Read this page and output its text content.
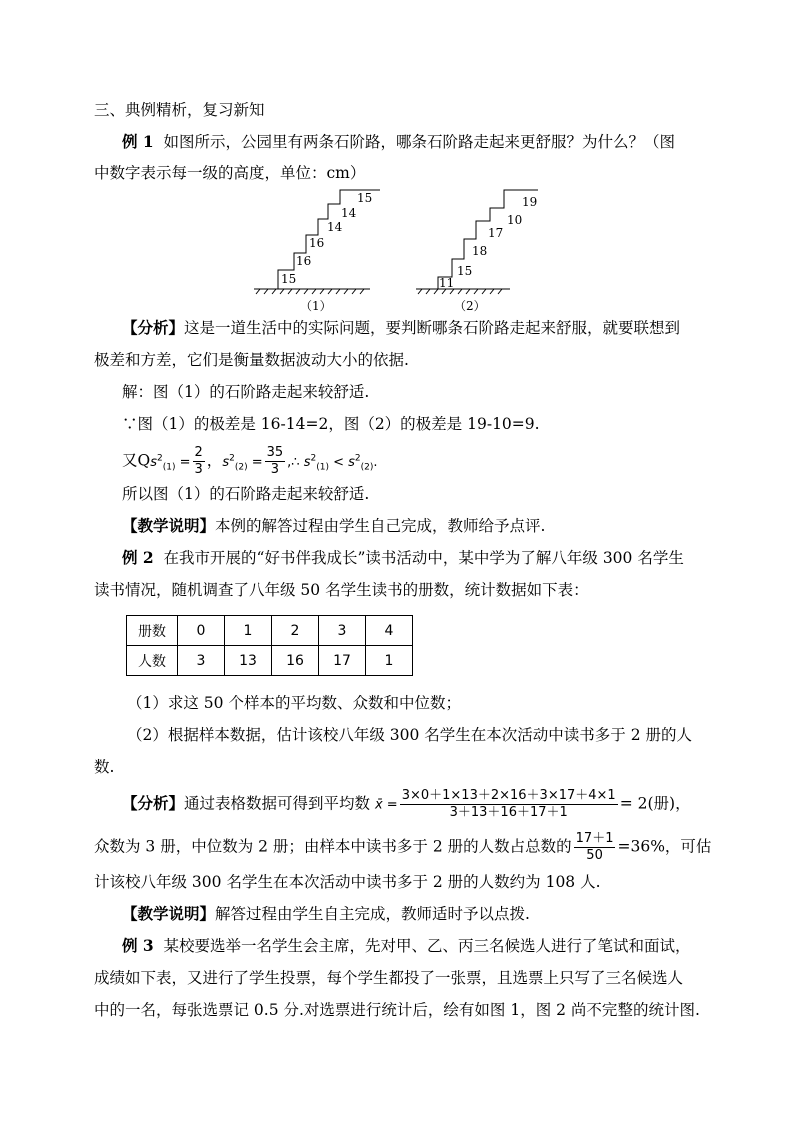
三、典例精析，复习新知
例 1 如图所示，公园里有两条石阶路，哪条石阶路走起来更舒服？为什么？（图
中数字表示每一级的高度，单位：cm）
15
16
16
14
14
15
（1）
11
15
18
17
10
19
（2）
【分析】这是一道生活中的实际问题，要判断哪条石阶路走起来舒服，就要联想到
极差和方差，它们是衡量数据波动大小的依据.
解：图（1）的石阶路走起来较舒适.
∵图（1）的极差是 16-14=2，图（2）的极差是 19-10=9.
又$Qs^2_{(1)} = \frac{2}{3}$ ，$s^2_{(2)} = \frac{35}{3}$ ,∴ $s^2_{(1)} < s^2_{(2)}$.
所以图（1）的石阶路走起来较舒适.
【教学说明】本例的解答过程由学生自己完成，教师给予点评.
例 2 在我市开展的“好书伴我成长”读书活动中，某中学为了解八年级 300 名学生
读书情况，随机调查了八年级 50 名学生读书的册数，统计数据如下表：
册数	0	1	2	3	4
人数	3	13	16	17	1
（1）求这 50 个样本的平均数、众数和中位数；
（2）根据样本数据，估计该校八年级 300 名学生在本次活动中读书多于 2 册的人
数.
【分析】通过表格数据可得到平均数 x̄ = $\frac{3\times 0+1\times 13+2\times 16+3\times 17+4\times 1}{3+13+16+17+1} = 2$(册)，
众数为 3 册，中位数为 2 册；由样本中读书多于 2 册的人数占总数的 $\frac{17+1}{50} =36\%$，可估
计该校八年级 300 名学生在本次活动中读书多于 2 册的人数约为 108 人.
【教学说明】解答过程由学生自主完成，教师适时予以点拨.
例 3 某校要选举一名学生会主席，先对甲、乙、丙三名候选人进行了笔试和面试，
成绩如下表，又进行了学生投票，每个学生都投了一张票，且选票上只写了三名候选人
中的一名，每张选票记 0.5 分.对选票进行统计后，绘有如图 1，图 2 尚不完整的统计图.
